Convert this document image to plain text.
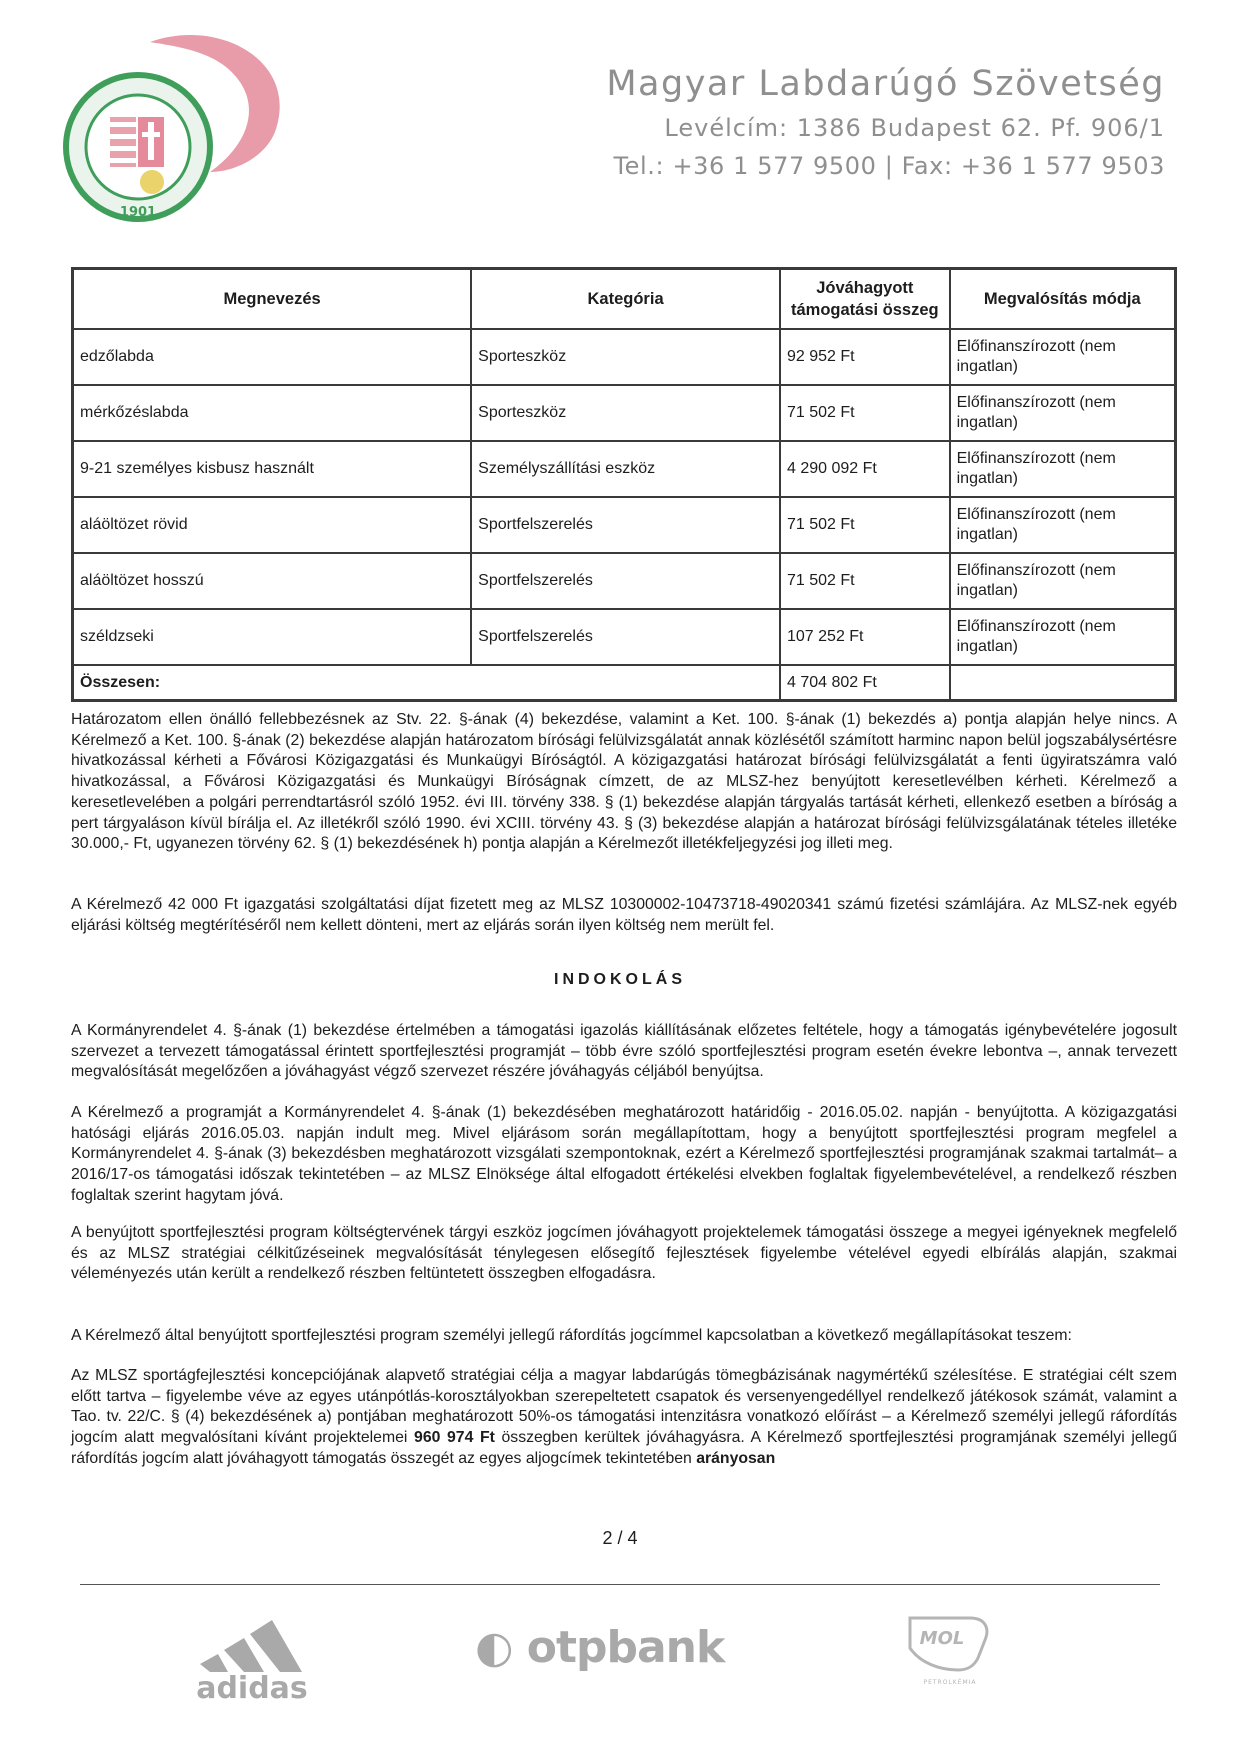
1901

Magyar Labdarúgó Szövetség

Levélcím: 1386 Budapest 62. Pf. 906/1

Tel.: +36 1 577 9500 | Fax: +36 1 577 9503

Megnevezés	Kategória	Jóváhagyott támogatási összeg	Megvalósítás módja
edzőlabda	Sporteszköz	92 952 Ft	Előfinanszírozott (nem ingatlan)
mérkőzéslabda	Sporteszköz	71 502 Ft	Előfinanszírozott (nem ingatlan)
9-21 személyes kisbusz használt	Személyszállítási eszköz	4 290 092 Ft	Előfinanszírozott (nem ingatlan)
aláöltözet rövid	Sportfelszerelés	71 502 Ft	Előfinanszírozott (nem ingatlan)
aláöltözet hosszú	Sportfelszerelés	71 502 Ft	Előfinanszírozott (nem ingatlan)
széldzseki	Sportfelszerelés	107 252 Ft	Előfinanszírozott (nem ingatlan)
Összesen:		4 704 802 Ft	

Határozatom ellen önálló fellebbezésnek az Stv. 22. §-ának (4) bekezdése, valamint a Ket. 100. §-ának (1) bekezdés a) pontja alapján helye nincs. A Kérelmező a Ket. 100. §-ának (2) bekezdése alapján határozatom bírósági felülvizsgálatát annak közlésétől számított harminc napon belül jogszabálysértésre hivatkozással kérheti a Fővárosi Közigazgatási és Munkaügyi Bíróságtól. A közigazgatási határozat bírósági felülvizsgálatát a fenti ügyiratszámra való hivatkozással, a Fővárosi Közigazgatási és Munkaügyi Bíróságnak címzett, de az MLSZ-hez benyújtott keresetlevélben kérheti. Kérelmező a keresetlevelében a polgári perrendtartásról szóló 1952. évi III. törvény 338. § (1) bekezdése alapján tárgyalás tartását kérheti, ellenkező esetben a bíróság a pert tárgyaláson kívül bírálja el. Az illetékről szóló 1990. évi XCIII. törvény 43. § (3) bekezdése alapján a határozat bírósági felülvizsgálatának tételes illetéke 30.000,- Ft, ugyanezen törvény 62. § (1) bekezdésének h) pontja alapján a Kérelmezőt illetékfeljegyzési jog illeti meg.

A Kérelmező 42 000 Ft igazgatási szolgáltatási díjat fizetett meg az MLSZ 10300002-10473718-49020341 számú fizetési számlájára. Az MLSZ-nek egyéb eljárási költség megtérítéséről nem kellett dönteni, mert az eljárás során ilyen költség nem merült fel.

INDOKOLÁS

A Kormányrendelet 4. §-ának (1) bekezdése értelmében a támogatási igazolás kiállításának előzetes feltétele, hogy a támogatás igénybevételére jogosult szervezet a tervezett támogatással érintett sportfejlesztési programját – több évre szóló sportfejlesztési program esetén évekre lebontva –, annak tervezett megvalósítását megelőzően a jóváhagyást végző szervezet részére jóváhagyás céljából benyújtsa.

A Kérelmező a programját a Kormányrendelet 4. §-ának (1) bekezdésében meghatározott határidőig - 2016.05.02. napján - benyújtotta. A közigazgatási hatósági eljárás 2016.05.03. napján indult meg. Mivel eljárásom során megállapítottam, hogy a benyújtott sportfejlesztési program megfelel a Kormányrendelet 4. §-ának (3) bekezdésben meghatározott vizsgálati szempontoknak, ezért a Kérelmező sportfejlesztési programjának szakmai tartalmát– a 2016/17-os támogatási időszak tekintetében – az MLSZ Elnöksége által elfogadott értékelési elvekben foglaltak figyelembevételével, a rendelkező részben foglaltak szerint hagytam jóvá.

A benyújtott sportfejlesztési program költségtervének tárgyi eszköz jogcímen jóváhagyott projektelemek támogatási összege a megyei igényeknek megfelelő és az MLSZ stratégiai célkitűzéseinek megvalósítását ténylegesen elősegítő fejlesztések figyelembe vételével egyedi elbírálás alapján, szakmai véleményezés után került a rendelkező részben feltüntetett összegben elfogadásra.

A Kérelmező által benyújtott sportfejlesztési program személyi jellegű ráfordítás jogcímmel kapcsolatban a következő megállapításokat teszem:

Az MLSZ sportágfejlesztési koncepciójának alapvető stratégiai célja a magyar labdarúgás tömegbázisának nagymértékű szélesítése. E stratégiai célt szem előtt tartva – figyelembe véve az egyes utánpótlás-korosztályokban szerepeltetett csapatok és versenyengedéllyel rendelkező játékosok számát, valamint a Tao. tv. 22/C. § (4) bekezdésének a) pontjában meghatározott 50%-os támogatási intenzitásra vonatkozó előírást – a Kérelmező személyi jellegű ráfordítás jogcím alatt megvalósítani kívánt projektelemei 960 974 Ft összegben kerültek jóváhagyásra. A Kérelmező sportfejlesztési programjának személyi jellegű ráfordítás jogcím alatt jóváhagyott támogatás összegét az egyes aljogcímek tekintetében arányosan

2 / 4
adidas
◐ otpbank	MOL
PETROLKÉMIA
